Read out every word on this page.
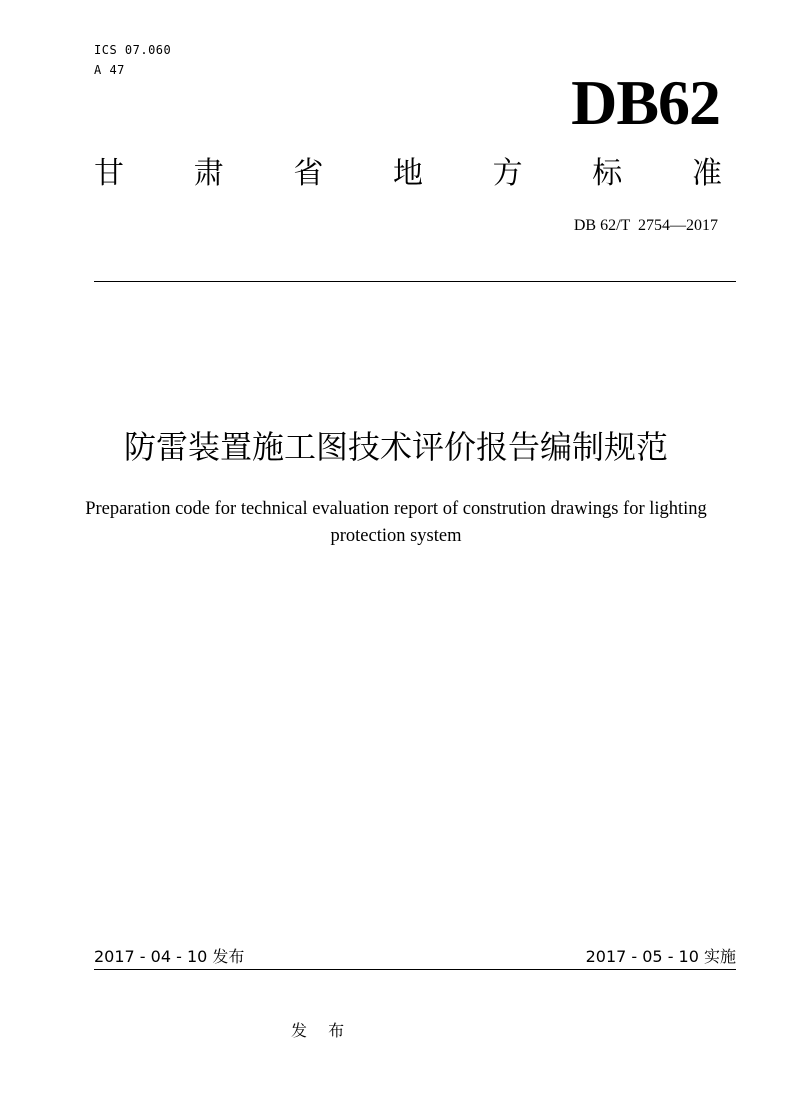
ICS 07.060
A 47	DB62
甘 肃 省 地 方 标 准
DB 62/T  2754—2017
防雷装置施工图技术评价报告编制规范
Preparation code for technical evaluation report of constrution drawings for lighting
protection system
2017 - 04 - 10 发布	2017 - 05 - 10 实施
发 布
